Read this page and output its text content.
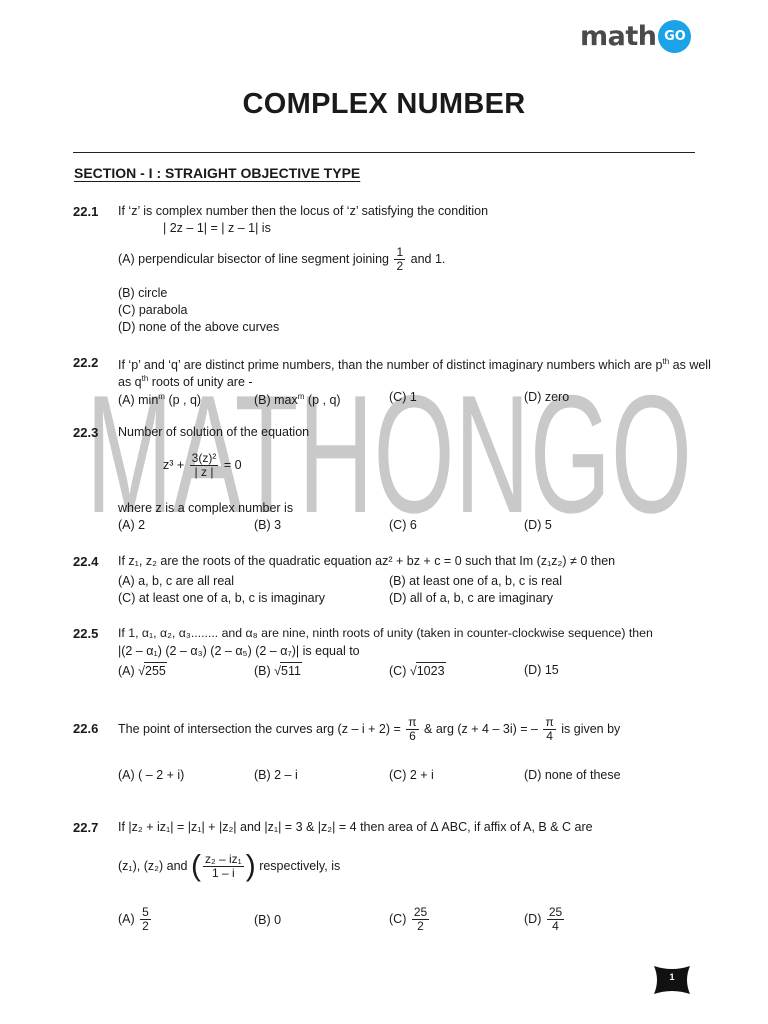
math GO
COMPLEX NUMBER
SECTION - I : STRAIGHT OBJECTIVE TYPE
MATHONGO
22.1 If ‘z’ is complex number then the locus of ‘z’ satisfying the condition
| 2z – 1| = | z – 1| is
(A) perpendicular bisector of line segment joining $\frac{1}{2}$ and 1.
(B) circle
(C) parabola
(D) none of the above curves
22.2 If ‘p’ and ‘q’ are distinct prime numbers, than the number of distinct imaginary numbers which are $p^{th}$ as well
as $q^{th}$ roots of unity are -
(A) $\min^m (p$ , q)	(B) $\max^m (p$ , q)	(C) 1	(D) zero
22.3 Number of solution of the equation
$z^3 + \frac{\text{3(z)²}}{| z |} = 0$
where z is a complex number is
(A) 2	(B) 3	(C) 6	(D) 5
22.4 If z₁, z₂ are the roots of the quadratic equation az² + bz + c = 0 such that Im (z₁z₂) ≠ 0 then
(A) a, b, c are all real	(B) at least one of a, b, c is real
(C) at least one of a, b, c is imaginary	(D) all of a, b, c are imaginary
22.5 If 1, α₁, α₂, α₃........ and α₈ are nine, ninth roots of unity (taken in counter-clockwise sequence) then
|(2 – α₁) (2 – α₃) (2 – α₅) (2 – α₇)| is equal to
(A) √255	(B) √511	(C) √1023	(D) 15
22.6 The point of intersection the curves arg $(z - i + 2) = \frac{\pi}{6}$ & arg (z + 4 – 3i) = – $\frac{\pi}{4}$ is given by
(A) ( – 2 + i)	(B) 2 – i	(C) 2 + i	(D) none of these
22.7 If |z₂ + iz₁| = |z₁| + |z₂| and |z₁| = 3 & |z₂| = 4 then area of Δ ABC, if affix of A, B & C are
(z₁), (z₂) and ( $\frac{\text{z₂ – iz₁}}{1 - i}$ ) respectively, is
$(A) \frac{5}{2}$	(B) 0	$(C) \frac{25}{2}$	$(D) \frac{25}{4}$
1
